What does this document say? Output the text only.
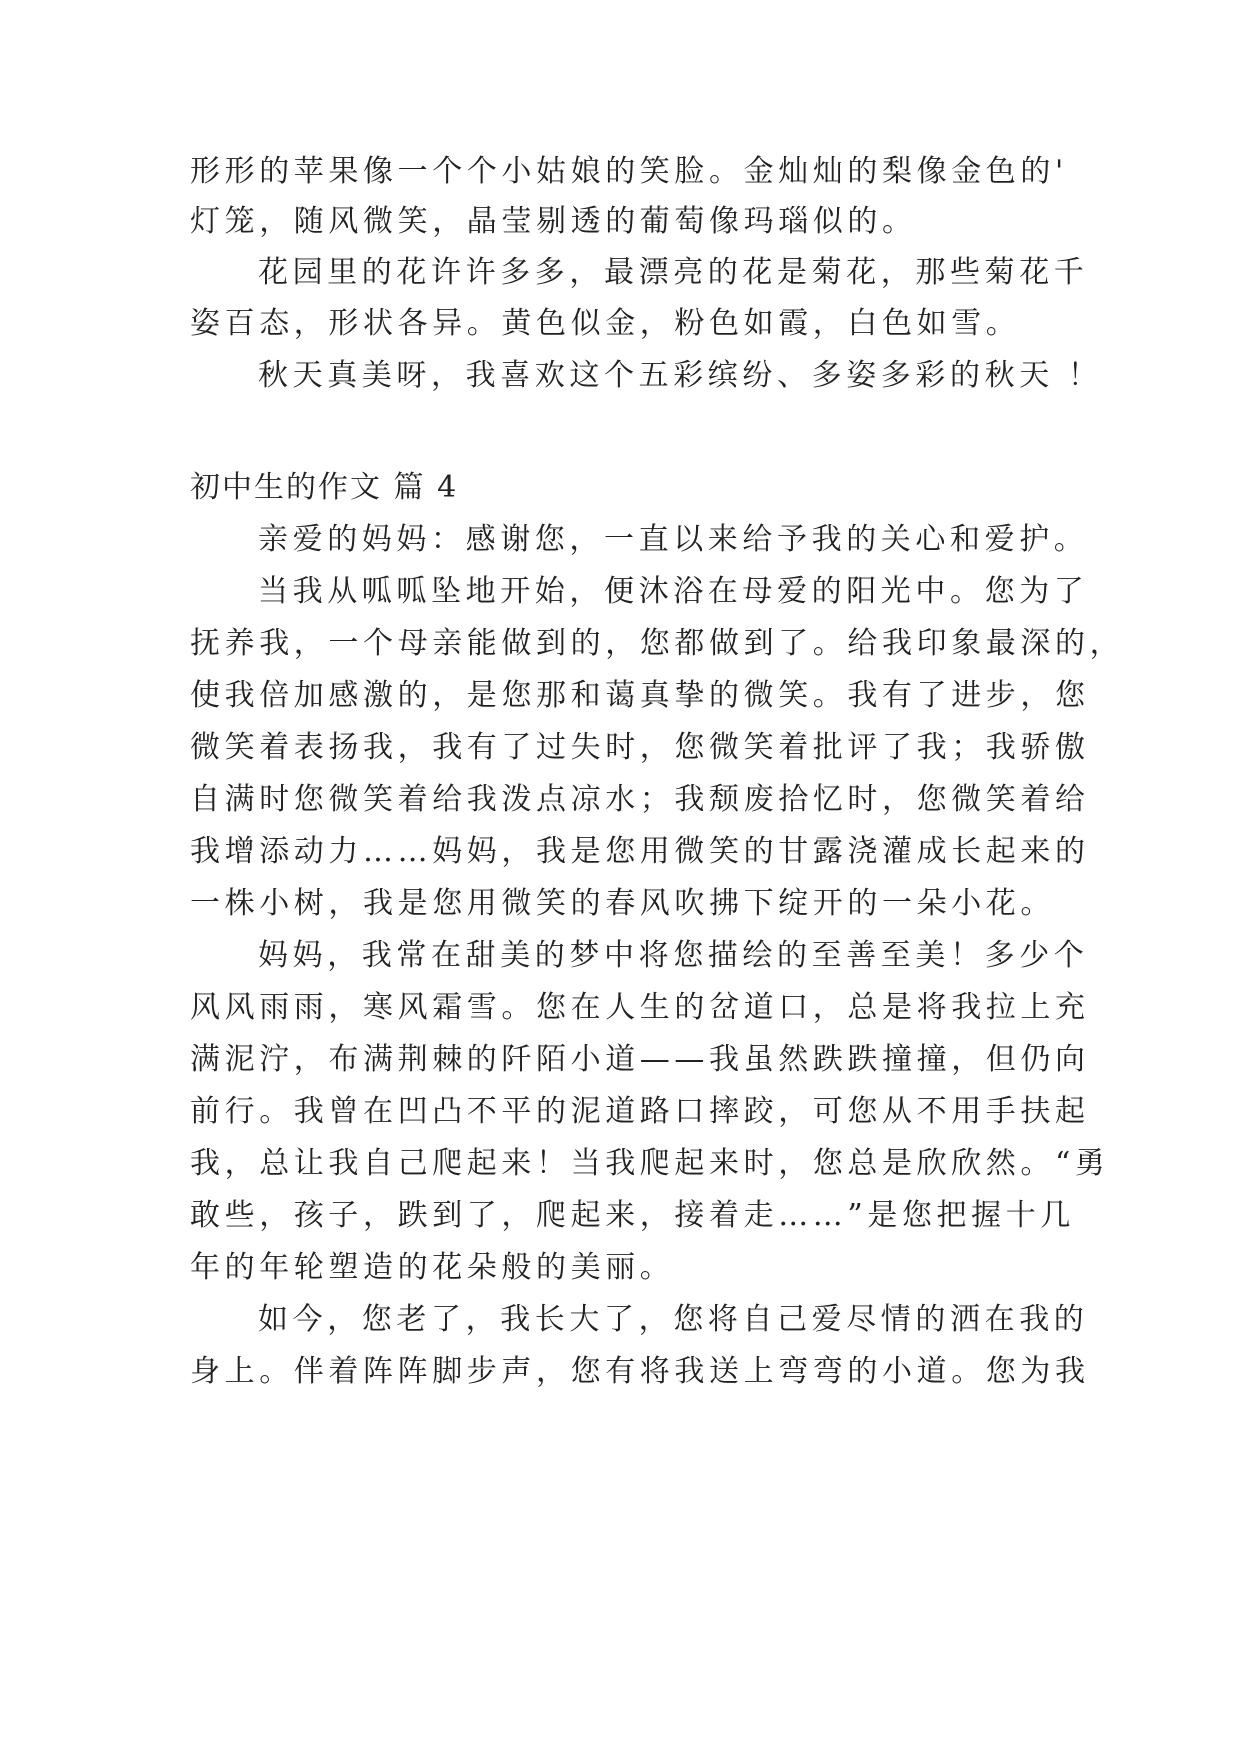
形形的苹果像一个个小姑娘的笑脸。金灿灿的梨像金色的'
灯笼，随风微笑，晶莹剔透的葡萄像玛瑙似的。
花园里的花许许多多，最漂亮的花是菊花，那些菊花千
姿百态，形状各异。黄色似金，粉色如霞，白色如雪。
秋天真美呀，我喜欢这个五彩缤纷、多姿多彩的秋天 ！
初中生的作文 篇 4
亲爱的妈妈：感谢您，一直以来给予我的关心和爱护。
当我从呱呱坠地开始，便沐浴在母爱的阳光中。您为了
抚养我，一个母亲能做到的，您都做到了。给我印象最深的，
使我倍加感激的，是您那和蔼真挚的微笑。我有了进步，您
微笑着表扬我，我有了过失时，您微笑着批评了我；我骄傲
自满时您微笑着给我泼点凉水；我颓废拾忆时，您微笑着给
我增添动力……妈妈，我是您用微笑的甘露浇灌成长起来的
一株小树，我是您用微笑的春风吹拂下绽开的一朵小花。
妈妈，我常在甜美的梦中将您描绘的至善至美！多少个
风风雨雨，寒风霜雪。您在人生的岔道口，总是将我拉上充
满泥泞，布满荆棘的阡陌小道——我虽然跌跌撞撞，但仍向
前行。我曾在凹凸不平的泥道路口摔跤，可您从不用手扶起
我，总让我自己爬起来！当我爬起来时，您总是欣欣然。“勇
敢些，孩子，跌到了，爬起来，接着走……”是您把握十几
年的年轮塑造的花朵般的美丽。
如今，您老了，我长大了，您将自己爱尽情的洒在我的
身上。伴着阵阵脚步声，您有将我送上弯弯的小道。您为我
